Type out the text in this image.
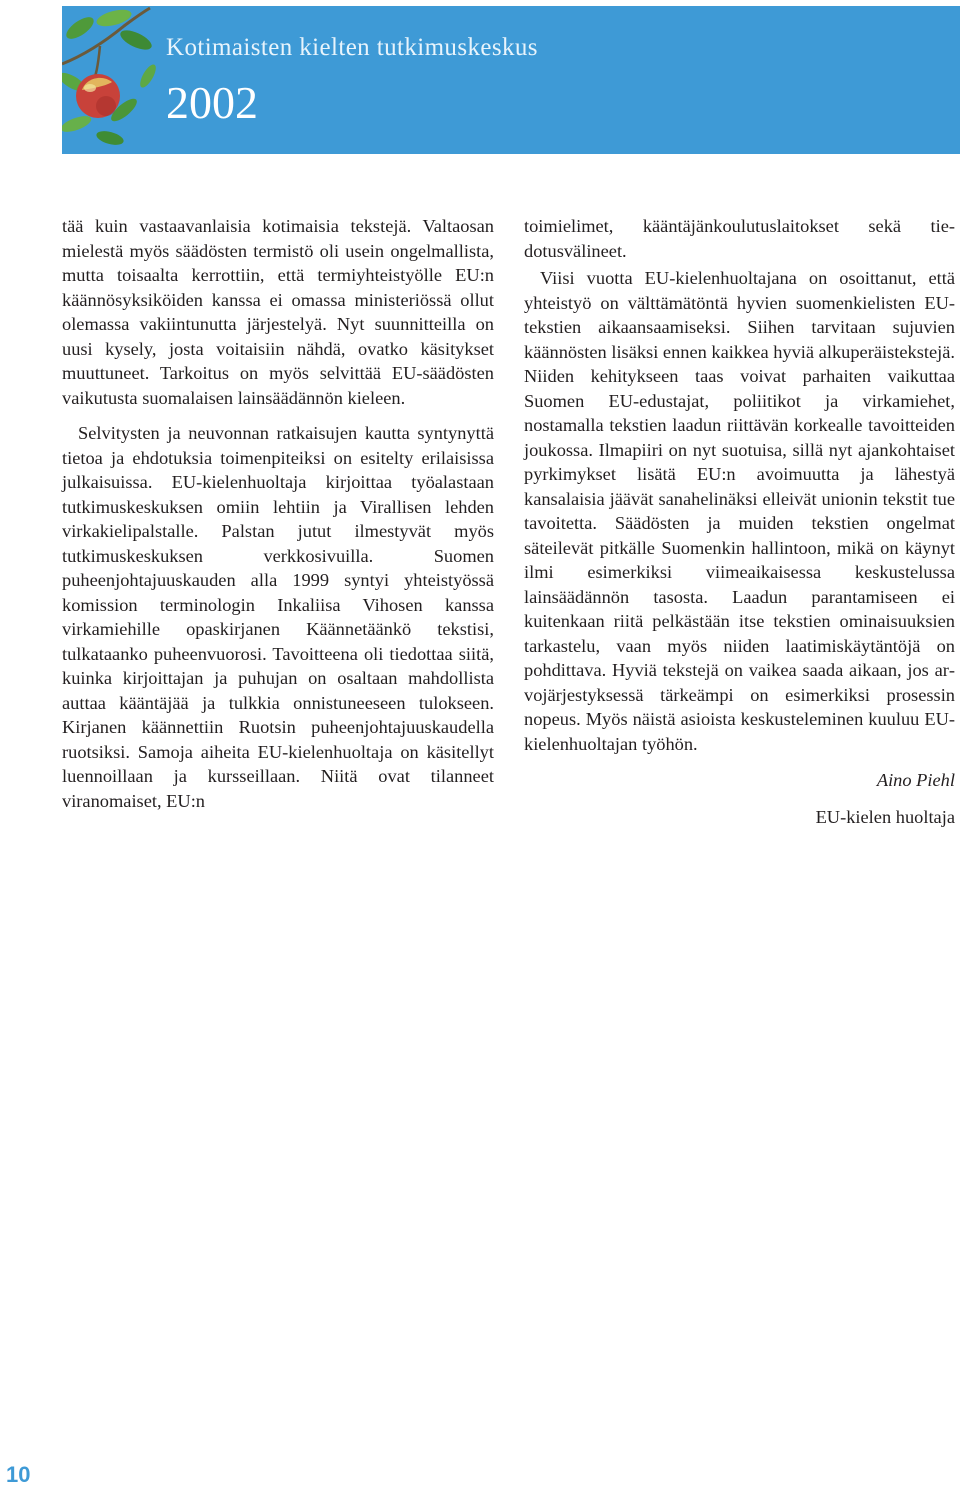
Kotimaisten kielten tutkimuskeskus
2002

tää kuin vastaavanlaisia kotimaisia tekstejä. Valtaosan mielestä myös säädösten termistö oli usein ongelmallista, mutta toisaalta kerrottiin, että termiyhteistyölle EU:n käännösyksiköiden kanssa ei omassa ministeriössä ollut olemassa vakiintunutta järjestelyä. Nyt suunnitteilla on uusi kysely, josta voitaisiin nähdä, ovatko käsitykset muuttuneet. Tarkoitus on myös selvittää EU-säädösten vaikutusta suomalaisen lainsäädännön kieleen.

Selvitysten ja neuvonnan ratkaisujen kautta syntynyttä tietoa ja ehdotuksia toimenpiteiksi on esitelty erilaisissa julkaisuissa. EU-kielenhuoltaja kirjoittaa työalastaan tutkimuskeskuksen omiin lehtiin ja Virallisen lehden virkakielipalstalle. Palstan jutut ilmestyvät myös tutkimuskeskuksen verkkosivuilla. Suomen puheenjohtajuuskauden alla 1999 syntyi yhteistyössä komission terminologin Inkaliisa Vihosen kanssa virkamiehille opaskirjanen Käännetäänkö tekstisi, tulkataanko puheenvuorosi. Tavoitteena oli tiedottaa siitä, kuinka kirjoittajan ja puhujan on osaltaan mahdollista auttaa kääntäjää ja tulkkia onnistuneeseen tulokseen. Kirjanen käännettiin Ruotsin puheenjohtajuuskaudella ruotsiksi. Samoja aiheita EU-kielenhuoltaja on käsitellyt luennoillaan ja kursseillaan. Niitä ovat tilanneet viranomaiset, EU:n

toimielimet, kääntäjänkoulutuslaitokset sekä tiedotusvälineet.

Viisi vuotta EU-kielenhuoltajana on osoittanut, että yhteistyö on välttämätöntä hyvien suomenkielisten EU-tekstien aikaansaamiseksi. Siihen tarvitaan sujuvien käännösten lisäksi ennen kaikkea hyviä alkuperäistekstejä. Niiden kehitykseen taas voivat parhaiten vaikuttaa Suomen EU-edustajat, poliitikot ja virkamiehet, nostamalla tekstien laadun riittävän korkealle tavoitteiden joukossa. Ilmapiiri on nyt suotuisa, sillä nyt ajankohtaiset pyrkimykset lisätä EU:n avoimuutta ja lähestyä kansalaisia jäävät sanahelinäksi elleivät unionin tekstit tue tavoitetta. Säädösten ja muiden tekstien ongelmat säteilevät pitkälle Suomenkin hallintoon, mikä on käynyt ilmi esimerkiksi viimeaikaisessa keskustelussa lainsäädännön tasosta. Laadun parantamiseen ei kuitenkaan riitä pelkästään itse tekstien ominaisuuksien tarkastelu, vaan myös niiden laatimiskäytäntöjä on pohdittava. Hyviä tekstejä on vaikea saada aikaan, jos arvojärjestyksessä tärkeämpi on esimerkiksi prosessin nopeus. Myös näistä asioista keskusteleminen kuuluu EU-kielenhuoltajan työhön.

Aino Piehl

EU-kielen huoltaja

10
